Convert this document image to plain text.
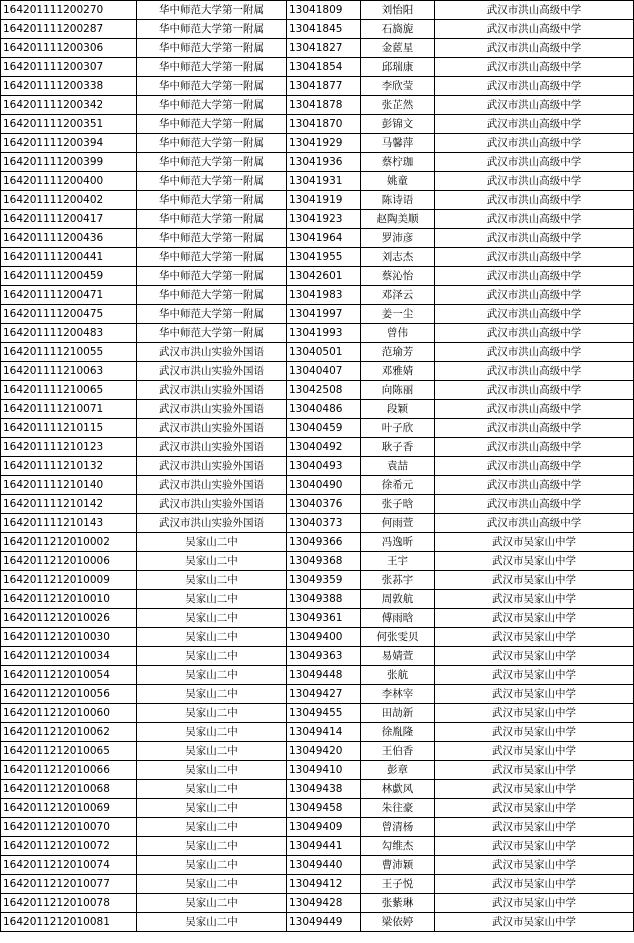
164201111200270	华中师范大学第一附属	13041809	刘怡阳	武汉市洪山高级中学
164201111200287	华中师范大学第一附属	13041845	石旖旎	武汉市洪山高级中学
164201111200306	华中师范大学第一附属	13041827	金茝星	武汉市洪山高级中学
164201111200307	华中师范大学第一附属	13041854	邱瑞康	武汉市洪山高级中学
164201111200338	华中师范大学第一附属	13041877	李欣莹	武汉市洪山高级中学
164201111200342	华中师范大学第一附属	13041878	张芷然	武汉市洪山高级中学
164201111200351	华中师范大学第一附属	13041870	彭锦文	武汉市洪山高级中学
164201111200394	华中师范大学第一附属	13041929	马馨萍	武汉市洪山高级中学
164201111200399	华中师范大学第一附属	13041936	蔡柠珈	武汉市洪山高级中学
164201111200400	华中师范大学第一附属	13041931	姚童	武汉市洪山高级中学
164201111200402	华中师范大学第一附属	13041919	陈诗语	武汉市洪山高级中学
164201111200417	华中师范大学第一附属	13041923	赵陶美顺	武汉市洪山高级中学
164201111200436	华中师范大学第一附属	13041964	罗沛彦	武汉市洪山高级中学
164201111200441	华中师范大学第一附属	13041955	刘志杰	武汉市洪山高级中学
164201111200459	华中师范大学第一附属	13042601	蔡沁怡	武汉市洪山高级中学
164201111200471	华中师范大学第一附属	13041983	邓泽云	武汉市洪山高级中学
164201111200475	华中师范大学第一附属	13041997	姜一尘	武汉市洪山高级中学
164201111200483	华中师范大学第一附属	13041993	曾伟	武汉市洪山高级中学
164201111210055	武汉市洪山实验外国语	13040501	范瑜芳	武汉市洪山高级中学
164201111210063	武汉市洪山实验外国语	13040407	邓雅婧	武汉市洪山高级中学
164201111210065	武汉市洪山实验外国语	13042508	向陈丽	武汉市洪山高级中学
164201111210071	武汉市洪山实验外国语	13040486	段颖	武汉市洪山高级中学
164201111210115	武汉市洪山实验外国语	13040459	叶子欣	武汉市洪山高级中学
164201111210123	武汉市洪山实验外国语	13040492	耿子香	武汉市洪山高级中学
164201111210132	武汉市洪山实验外国语	13040493	袁喆	武汉市洪山高级中学
164201111210140	武汉市洪山实验外国语	13040490	徐希元	武汉市洪山高级中学
164201111210142	武汉市洪山实验外国语	13040376	张子晗	武汉市洪山高级中学
164201111210143	武汉市洪山实验外国语	13040373	何雨萱	武汉市洪山高级中学
1642011212010002	吴家山二中	13049366	冯逸昕	武汉市吴家山中学
1642011212010006	吴家山二中	13049368	王宇	武汉市吴家山中学
1642011212010009	吴家山二中	13049359	张荪宇	武汉市吴家山中学
1642011212010010	吴家山二中	13049388	周敦航	武汉市吴家山中学
1642011212010026	吴家山二中	13049361	傅雨晗	武汉市吴家山中学
1642011212010030	吴家山二中	13049400	何张雯贝	武汉市吴家山中学
1642011212010034	吴家山二中	13049363	易婧萱	武汉市吴家山中学
1642011212010054	吴家山二中	13049448	张航	武汉市吴家山中学
1642011212010056	吴家山二中	13049427	李林宰	武汉市吴家山中学
1642011212010060	吴家山二中	13049455	田劼新	武汉市吴家山中学
1642011212010062	吴家山二中	13049414	徐胤隆	武汉市吴家山中学
1642011212010065	吴家山二中	13049420	王伯香	武汉市吴家山中学
1642011212010066	吴家山二中	13049410	彭章	武汉市吴家山中学
1642011212010068	吴家山二中	13049438	林歔风	武汉市吴家山中学
1642011212010069	吴家山二中	13049458	朱往豪	武汉市吴家山中学
1642011212010070	吴家山二中	13049409	曾清杨	武汉市吴家山中学
1642011212010072	吴家山二中	13049441	勾维杰	武汉市吴家山中学
1642011212010074	吴家山二中	13049440	曹沛颖	武汉市吴家山中学
1642011212010077	吴家山二中	13049412	王子悦	武汉市吴家山中学
1642011212010078	吴家山二中	13049428	张紫琳	武汉市吴家山中学
1642011212010081	吴家山二中	13049449	梁依婷	武汉市吴家山中学
